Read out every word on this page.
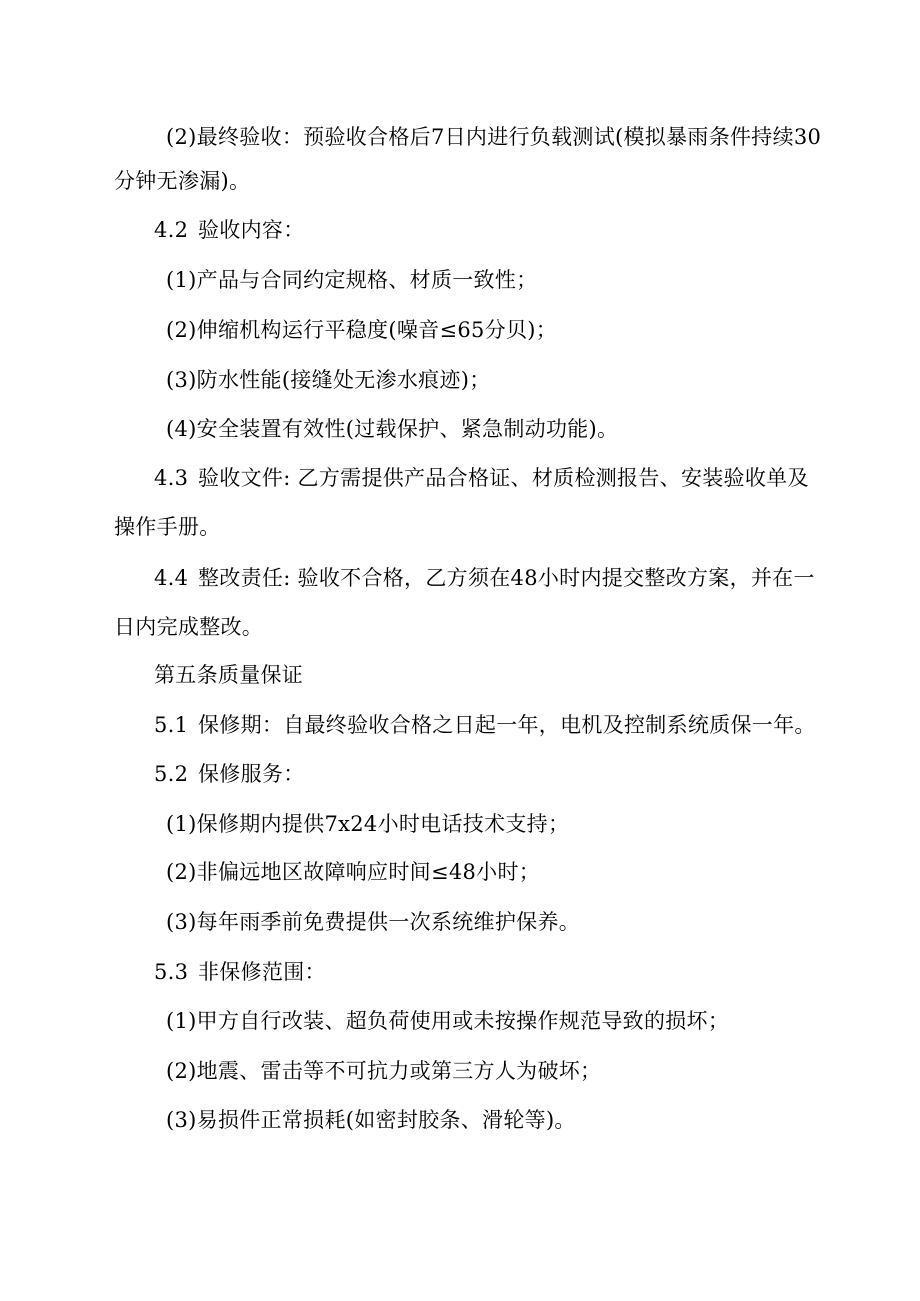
(2)最终验收：预验收合格后7日内进行负载测试(模拟暴雨条件持续30
分钟无渗漏)。
4.2 验收内容：
(1)产品与合同约定规格、材质一致性；
(2)伸缩机构运行平稳度(噪音≤65分贝)；
(3)防水性能(接缝处无渗水痕迹)；
(4)安全装置有效性(过载保护、紧急制动功能)。
4.3 验收文件: 乙方需提供产品合格证、材质检测报告、安装验收单及
操作手册。
4.4 整改责任: 验收不合格，乙方须在48小时内提交整改方案，并在一
日内完成整改。
第五条质量保证
5.1 保修期：自最终验收合格之日起一年，电机及控制系统质保一年。
5.2 保修服务：
(1)保修期内提供7x24小时电话技术支持；
(2)非偏远地区故障响应时间≤48小时；
(3)每年雨季前免费提供一次系统维护保养。
5.3 非保修范围：
(1)甲方自行改装、超负荷使用或未按操作规范导致的损坏；
(2)地震、雷击等不可抗力或第三方人为破坏；
(3)易损件正常损耗(如密封胶条、滑轮等)。
